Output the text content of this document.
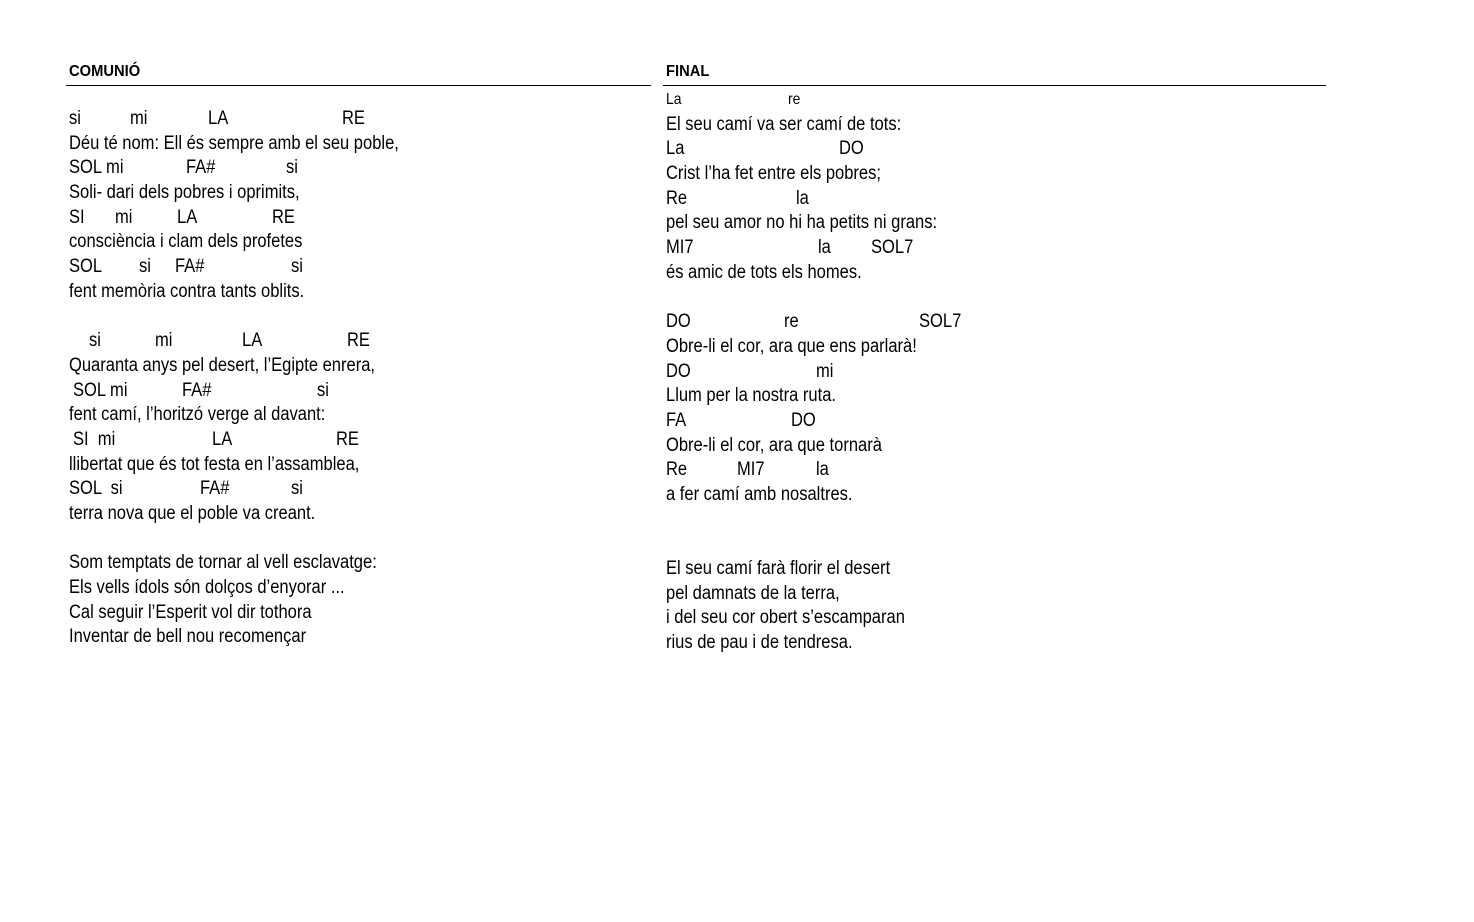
COMUNIÓ
si	mi	LA	RE
Déu té nom: Ell és sempre amb el seu poble,
SOL mi	FA#	si
Soli- dari dels pobres i oprimits,
SI mi LA	RE
consciència i clam dels profetes
SOL si FA#	si
fent memòria contra tants oblits.
si	mi	LA	RE
Quaranta anys pel desert, l’Egipte enrera,
SOL mi	FA#	si
fent camí, l’horitzó verge al davant:
SI  mi	LA	RE
llibertat que és tot festa en l’assamblea,
SOL  si	FA#	si
terra nova que el poble va creant.
Som temptats de tornar al vell esclavatge:
Els vells ídols són dolços d’enyorar ...
Cal seguir l’Esperit vol dir tothora
Inventar de bell nou recomençar
FINAL
La	re
El seu camí va ser camí de tots:
La	DO
Crist l’ha fet entre els pobres;
Re	la
pel seu amor no hi ha petits ni grans:
MI7	la SOL7
és amic de tots els homes.
DO	re	SOL7
Obre-li el cor, ara que ens parlarà!
DO	mi
Llum per la nostra ruta.
FA	DO
Obre-li el cor, ara que tornarà
Re	MI7	la
a fer camí amb nosaltres.
El seu camí farà florir el desert
pel damnats de la terra,
i del seu cor obert s’escamparan
rius de pau i de tendresa.
